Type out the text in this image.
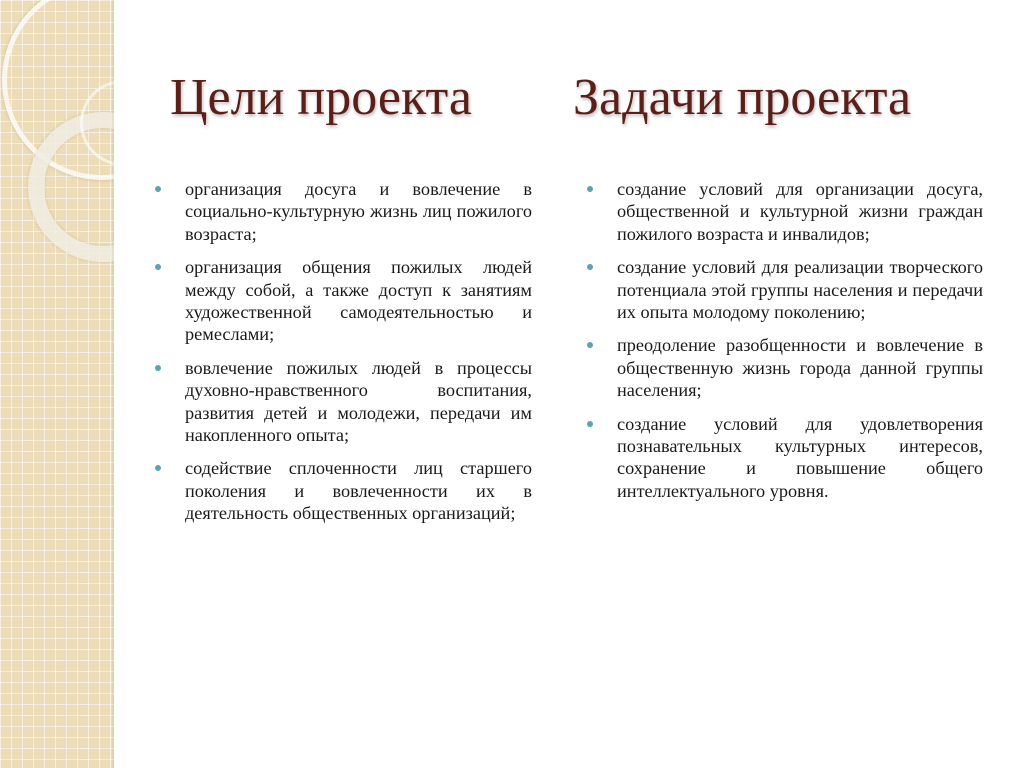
Цели проекта Задачи проекта
организация досуга и вовлечение в социально-культурную жизнь лиц пожилого возраста;
организация общения пожилых людей между собой, а также доступ к занятиям художественной самодеятельностью и ремеслами;
вовлечение пожилых людей в процессы духовно-нравственного воспитания, развития детей и молодежи, передачи им накопленного опыта;
содействие сплоченности лиц старшего поколения и вовлеченности их в деятельность общественных организаций;
создание условий для организации досуга, общественной и культурной жизни граждан пожилого возраста и инвалидов;
создание условий для реализации творческого потенциала этой группы населения и передачи их опыта молодому поколению;
преодоление разобщенности и вовлечение в общественную жизнь города данной группы населения;
создание условий для удовлетворения познавательных культурных интересов, сохранение и повышение общего интеллектуального уровня.
